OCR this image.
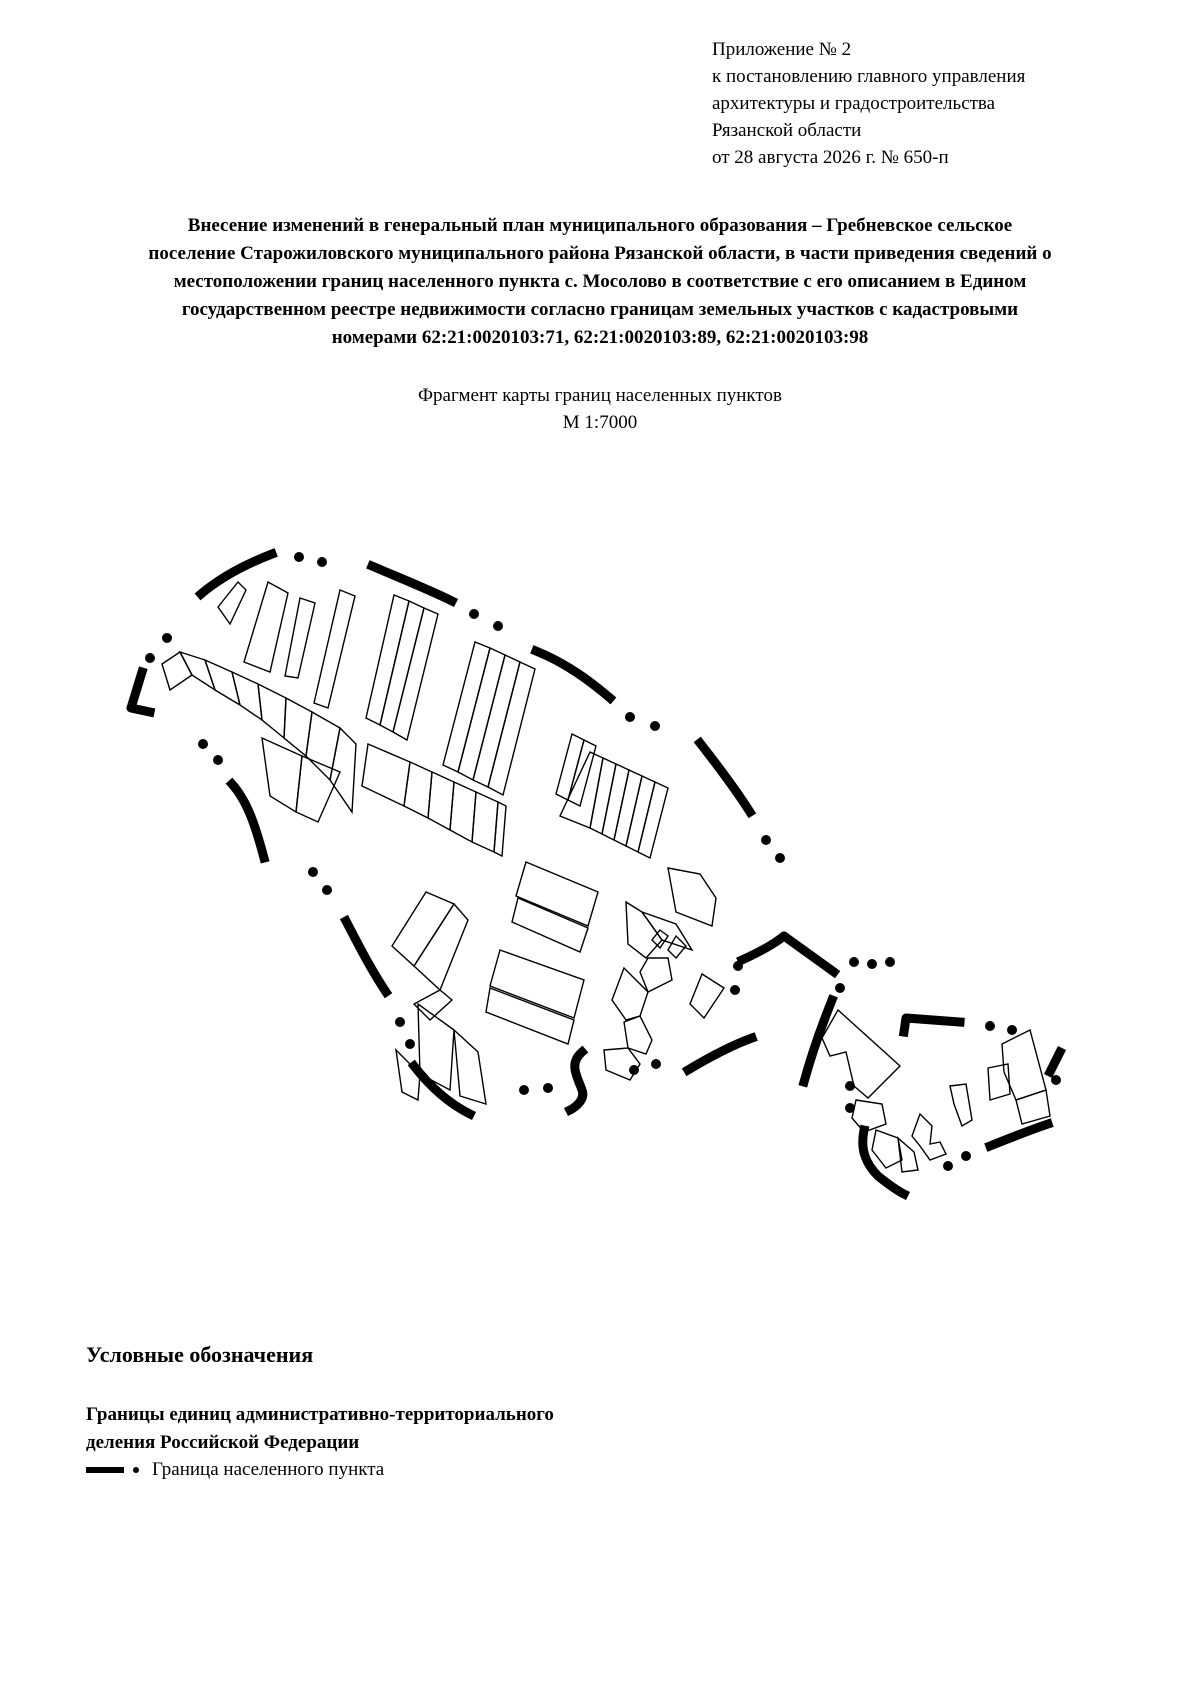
Приложение № 2
к постановлению главного управления
архитектуры и градостроительства
Рязанской области
от 28 августа 2026 г. № 650-п
Внесение изменений в генеральный план муниципального образования – Гребневское сельское
поселение Старожиловского муниципального района Рязанской области, в части приведения сведений о
местоположении границ населенного пункта с. Мосолово в соответствие с его описанием в Едином
государственном реестре недвижимости согласно границам земельных участков с кадастровыми
номерами 62:21:0020103:71, 62:21:0020103:89, 62:21:0020103:98
Фрагмент карты границ населенных пунктов
М 1:7000
Условные обозначения
Границы единиц административно-территориального
деления Российской Федерации
Граница населенного пункта
